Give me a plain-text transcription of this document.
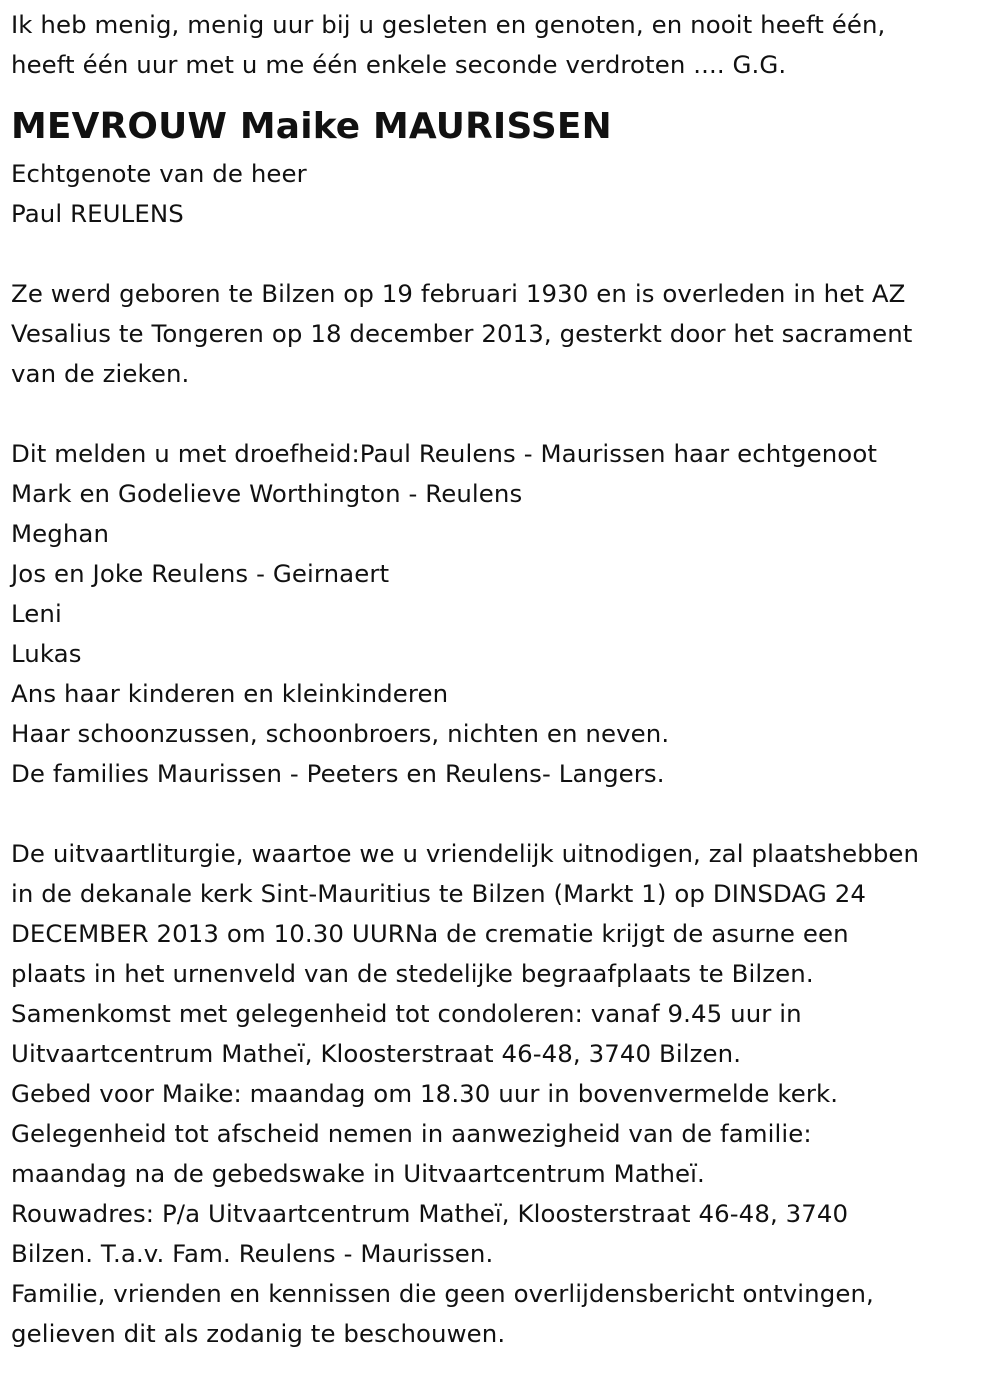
Ik heb menig, menig uur bij u gesleten en genoten, en nooit heeft één,
heeft één uur met u me één enkele seconde verdroten .... G.G.
MEVROUW Maike MAURISSEN
Echtgenote van de heer
Paul REULENS
Ze werd geboren te Bilzen op 19 februari 1930 en is overleden in het AZ
Vesalius te Tongeren op 18 december 2013, gesterkt door het sacrament
van de zieken.
Dit melden u met droefheid:Paul Reulens - Maurissen haar echtgenoot
Mark en Godelieve Worthington - Reulens
Meghan
Jos en Joke Reulens - Geirnaert
Leni
Lukas
Ans haar kinderen en kleinkinderen
Haar schoonzussen, schoonbroers, nichten en neven.
De families Maurissen - Peeters en Reulens- Langers.
De uitvaartliturgie, waartoe we u vriendelijk uitnodigen, zal plaatshebben
in de dekanale kerk Sint-Mauritius te Bilzen (Markt 1) op DINSDAG 24
DECEMBER 2013 om 10.30 UURNa de crematie krijgt de asurne een
plaats in het urnenveld van de stedelijke begraafplaats te Bilzen.
Samenkomst met gelegenheid tot condoleren: vanaf 9.45 uur in
Uitvaartcentrum Matheï, Kloosterstraat 46-48, 3740 Bilzen.
Gebed voor Maike: maandag om 18.30 uur in bovenvermelde kerk.
Gelegenheid tot afscheid nemen in aanwezigheid van de familie:
maandag na de gebedswake in Uitvaartcentrum Matheï.
Rouwadres: P/a Uitvaartcentrum Matheï, Kloosterstraat 46-48, 3740
Bilzen. T.a.v. Fam. Reulens - Maurissen.
Familie, vrienden en kennissen die geen overlijdensbericht ontvingen,
gelieven dit als zodanig te beschouwen.
